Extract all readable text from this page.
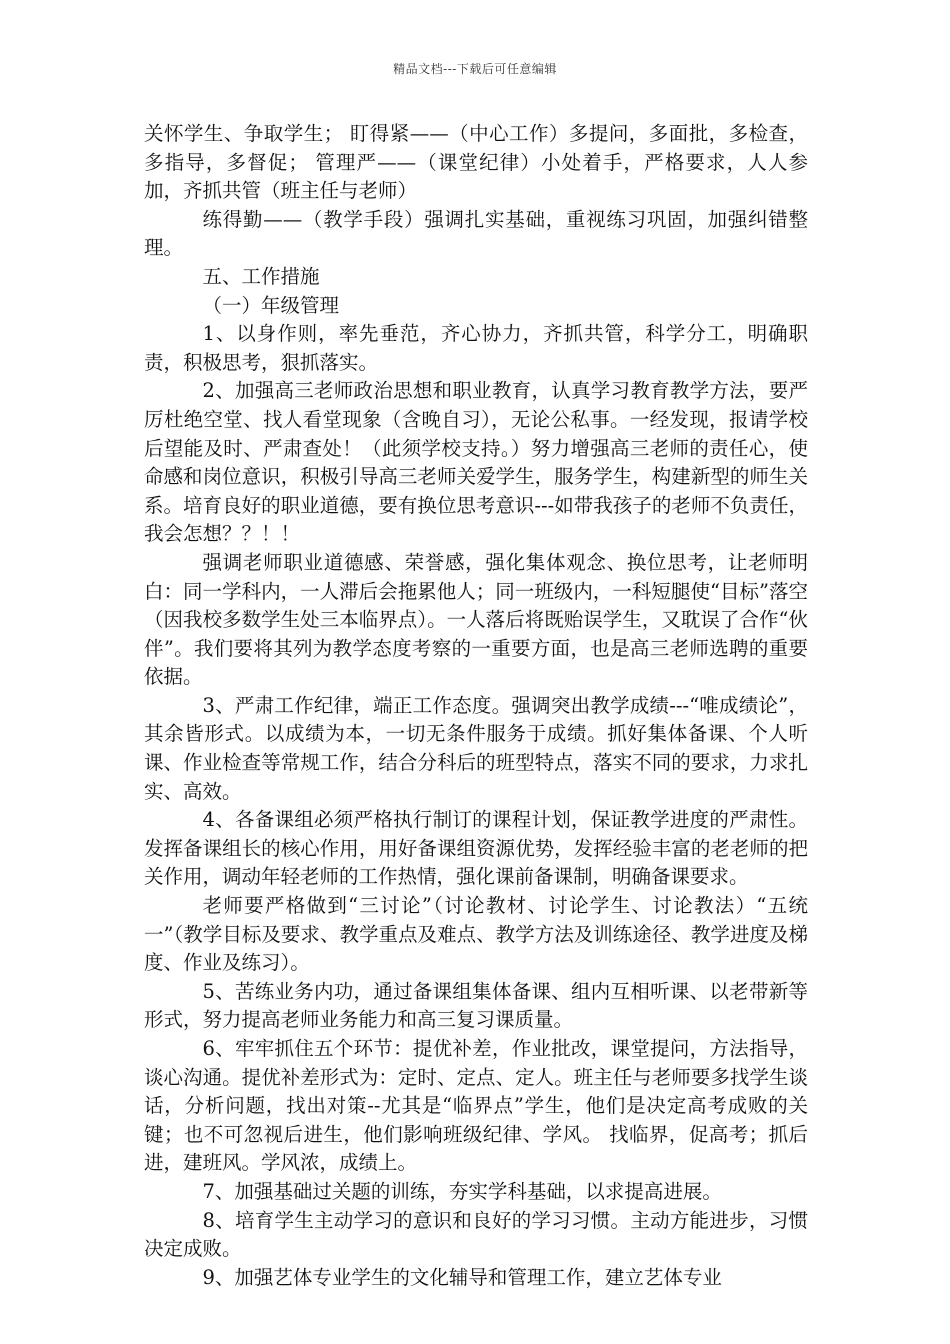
精品文档---下载后可任意编辑

关怀学生、争取学生； 盯得紧——（中心工作）多提问，多面批，多检查，多指导，多督促； 管理严——（课堂纪律）小处着手，严格要求，人人参加，齐抓共管（班主任与老师）

练得勤——（教学手段）强调扎实基础，重视练习巩固，加强纠错整理。

五、工作措施

（一）年级管理

1、以身作则，率先垂范，齐心协力，齐抓共管，科学分工，明确职责，积极思考，狠抓落实。

2、加强高三老师政治思想和职业教育，认真学习教育教学方法，要严厉杜绝空堂、找人看堂现象（含晚自习），无论公私事。一经发现，报请学校后望能及时、严肃查处！（此须学校支持。）努力增强高三老师的责任心，使命感和岗位意识，积极引导高三老师关爱学生，服务学生，构建新型的师生关系。培育良好的职业道德，要有换位思考意识---如带我孩子的老师不负责任，我会怎想？？！！

强调老师职业道德感、荣誉感，强化集体观念、换位思考，让老师明白：同一学科内，一人滞后会拖累他人；同一班级内，一科短腿使“目标”落空（因我校多数学生处三本临界点）。一人落后将既贻误学生，又耽误了合作“伙伴”。我们要将其列为教学态度考察的一重要方面，也是高三老师选聘的重要依据。

3、严肃工作纪律，端正工作态度。强调突出教学成绩---“唯成绩论”，其余皆形式。以成绩为本，一切无条件服务于成绩。抓好集体备课、个人听课、作业检查等常规工作，结合分科后的班型特点，落实不同的要求，力求扎实、高效。

4、各备课组必须严格执行制订的课程计划，保证教学进度的严肃性。发挥备课组长的核心作用，用好备课组资源优势，发挥经验丰富的老老师的把关作用，调动年轻老师的工作热情，强化课前备课制，明确备课要求。

老师要严格做到“三讨论”（讨论教材、讨论学生、讨论教法）“五统一”（教学目标及要求、教学重点及难点、教学方法及训练途径、教学进度及梯度、作业及练习）。

5、苦练业务内功，通过备课组集体备课、组内互相听课、以老带新等形式，努力提高老师业务能力和高三复习课质量。

6、牢牢抓住五个环节：提优补差，作业批改，课堂提问，方法指导，谈心沟通。提优补差形式为：定时、定点、定人。班主任与老师要多找学生谈话，分析问题，找出对策--尤其是“临界点”学生，他们是决定高考成败的关键；也不可忽视后进生，他们影响班级纪律、学风。 找临界，促高考；抓后进，建班风。学风浓，成绩上。

7、加强基础过关题的训练，夯实学科基础，以求提高进展。

8、培育学生主动学习的意识和良好的学习习惯。主动方能进步，习惯决定成败。

9、加强艺体专业学生的文化辅导和管理工作，建立艺体专业
